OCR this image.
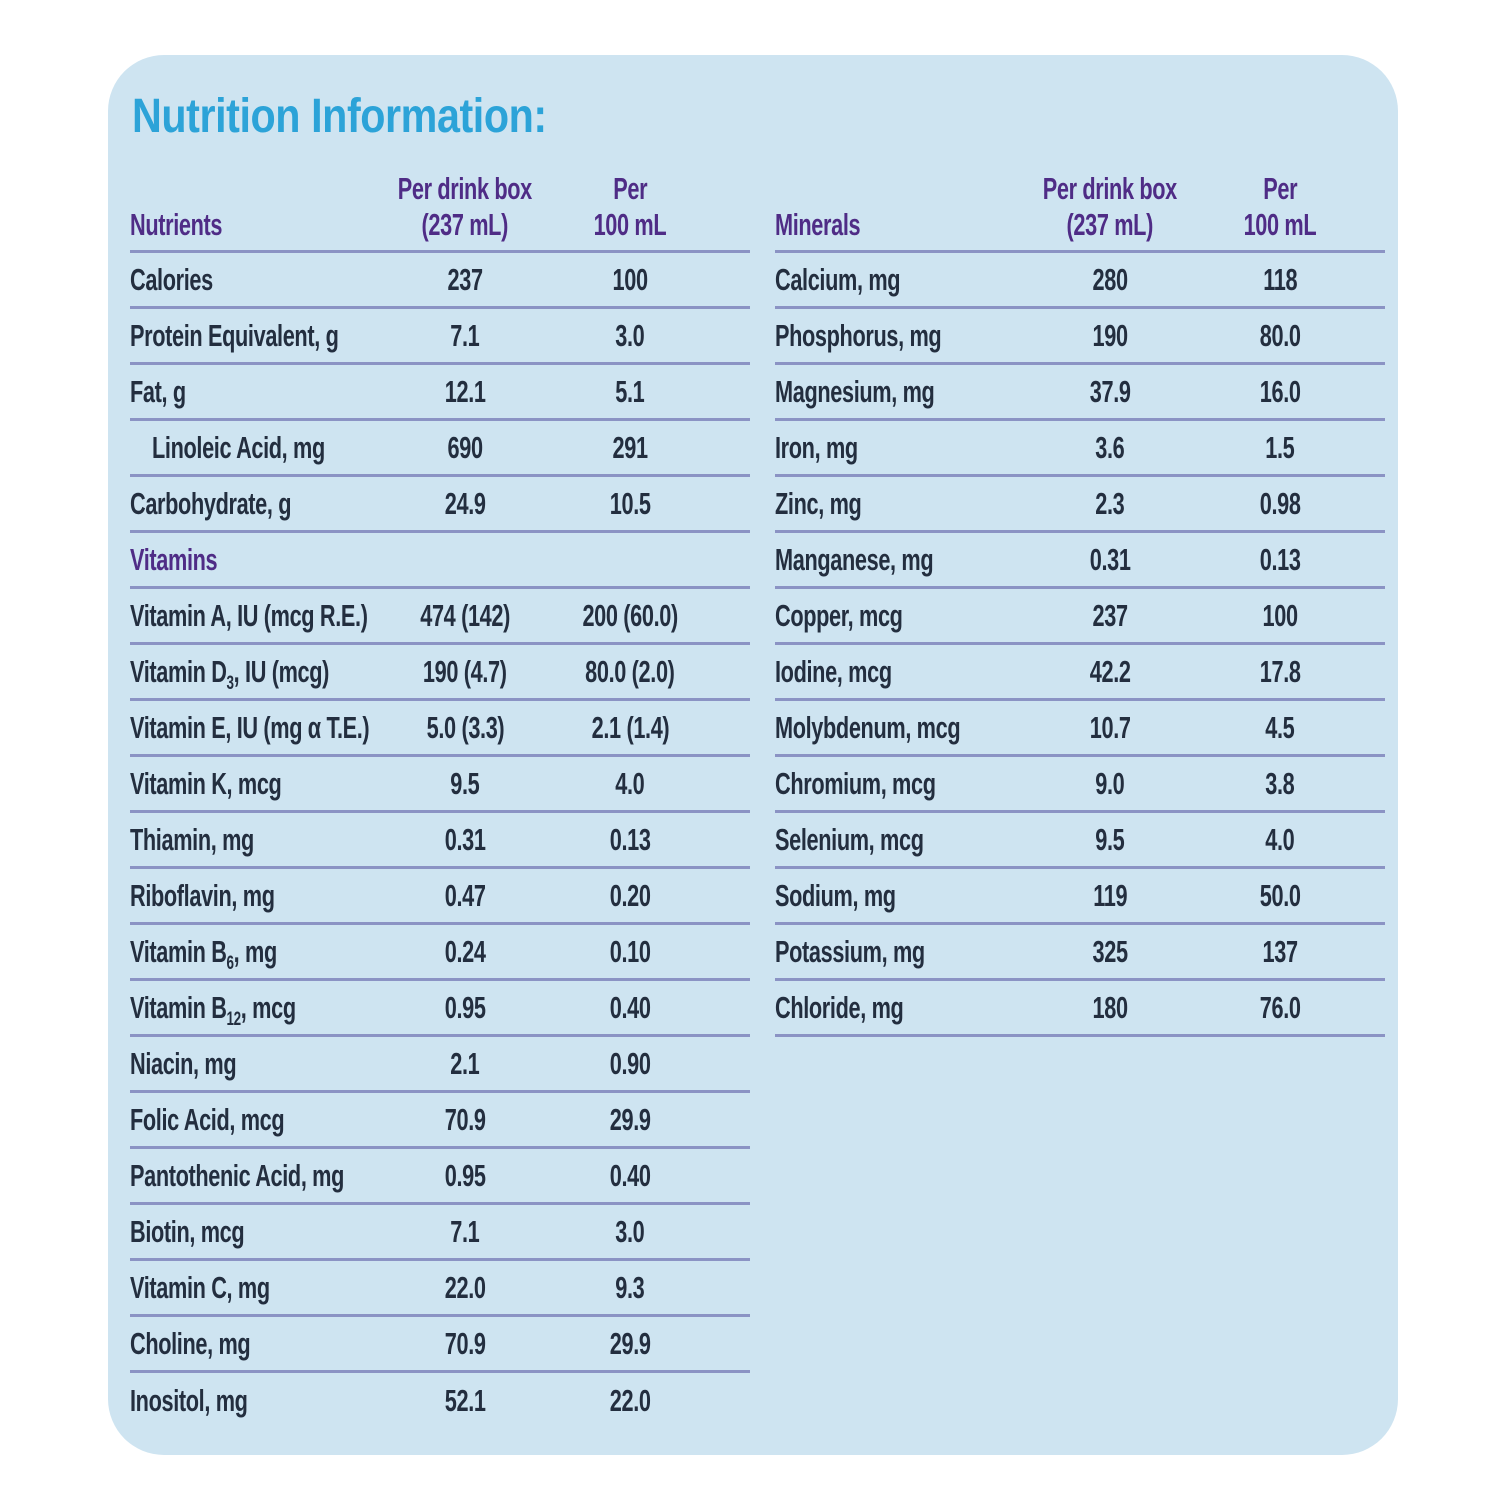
Nutrition Information:
Nutrients
Per drink box
(237 mL)
Per
100 mL
Calories	237	100
Protein Equivalent, g	7.1	3.0
Fat, g	12.1	5.1
Linoleic Acid, mg	690	291
Carbohydrate, g	24.9	10.5
Vitamins
Vitamin A, IU (mcg R.E.)	474 (142)	200 (60.0)
Vitamin $D_3$, IU (mcg)	190 (4.7)	80.0 (2.0)
Vitamin E, IU (mg α T.E.)	5.0 (3.3)	2.1 (1.4)
Vitamin K, mcg	9.5	4.0
Thiamin, mg	0.31	0.13
Riboflavin, mg	0.47	0.20
Vitamin $B_6$, mg	0.24	0.10
Vitamin $B_{12}$, mcg	0.95	0.40
Niacin, mg	2.1	0.90
Folic Acid, mcg	70.9	29.9
Pantothenic Acid, mg	0.95	0.40
Biotin, mcg	7.1	3.0
Vitamin C, mg	22.0	9.3
Choline, mg	70.9	29.9
Inositol, mg	52.1	22.0
Minerals
Per drink box
(237 mL)
Per
100 mL
Calcium, mg	280	118
Phosphorus, mg	190	80.0
Magnesium, mg	37.9	16.0
Iron, mg	3.6	1.5
Zinc, mg	2.3	0.98
Manganese, mg	0.31	0.13
Copper, mcg	237	100
Iodine, mcg	42.2	17.8
Molybdenum, mcg	10.7	4.5
Chromium, mcg	9.0	3.8
Selenium, mcg	9.5	4.0
Sodium, mg	119	50.0
Potassium, mg	325	137
Chloride, mg	180	76.0
